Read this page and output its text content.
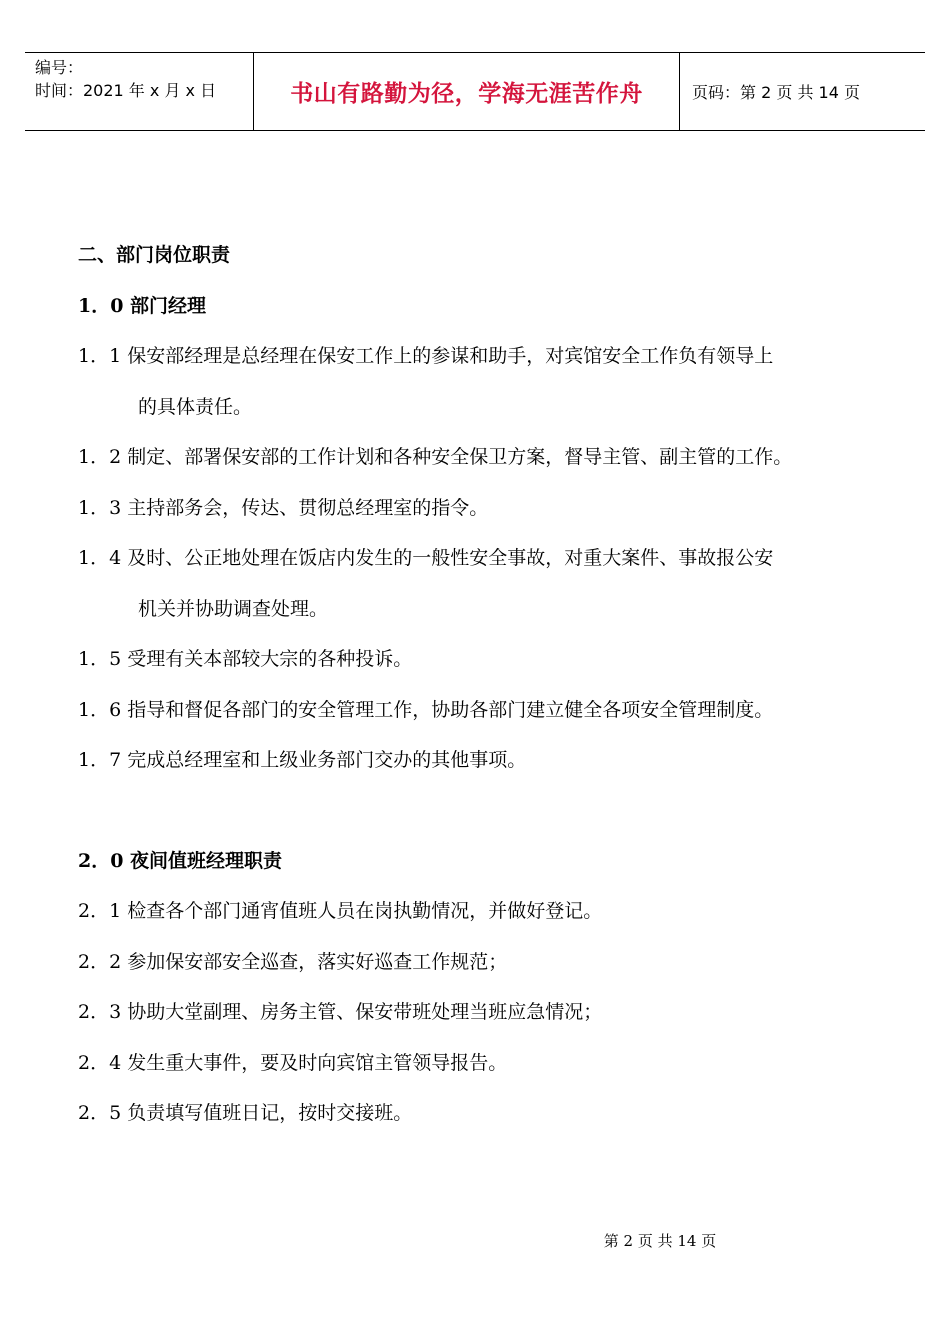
编号：
时间：2021 年 x 月 x 日	书山有路勤为径，学海无涯苦作舟	页码：第 2 页 共 14 页
二、部门岗位职责
1．0 部门经理
1．1 保安部经理是总经理在保安工作上的参谋和助手，对宾馆安全工作负有领导上
的具体责任。
1．2 制定、部署保安部的工作计划和各种安全保卫方案，督导主管、副主管的工作。
1．3 主持部务会，传达、贯彻总经理室的指令。
1．4 及时、公正地处理在饭店内发生的一般性安全事故，对重大案件、事故报公安
机关并协助调查处理。
1．5 受理有关本部较大宗的各种投诉。
1．6 指导和督促各部门的安全管理工作，协助各部门建立健全各项安全管理制度。
1．7 完成总经理室和上级业务部门交办的其他事项。
2．0 夜间值班经理职责
2．1 检查各个部门通宵值班人员在岗执勤情况，并做好登记。
2．2 参加保安部安全巡查，落实好巡查工作规范；
2．3 协助大堂副理、房务主管、保安带班处理当班应急情况；
2．4 发生重大事件，要及时向宾馆主管领导报告。
2．5 负责填写值班日记，按时交接班。
第 2 页 共 14 页
